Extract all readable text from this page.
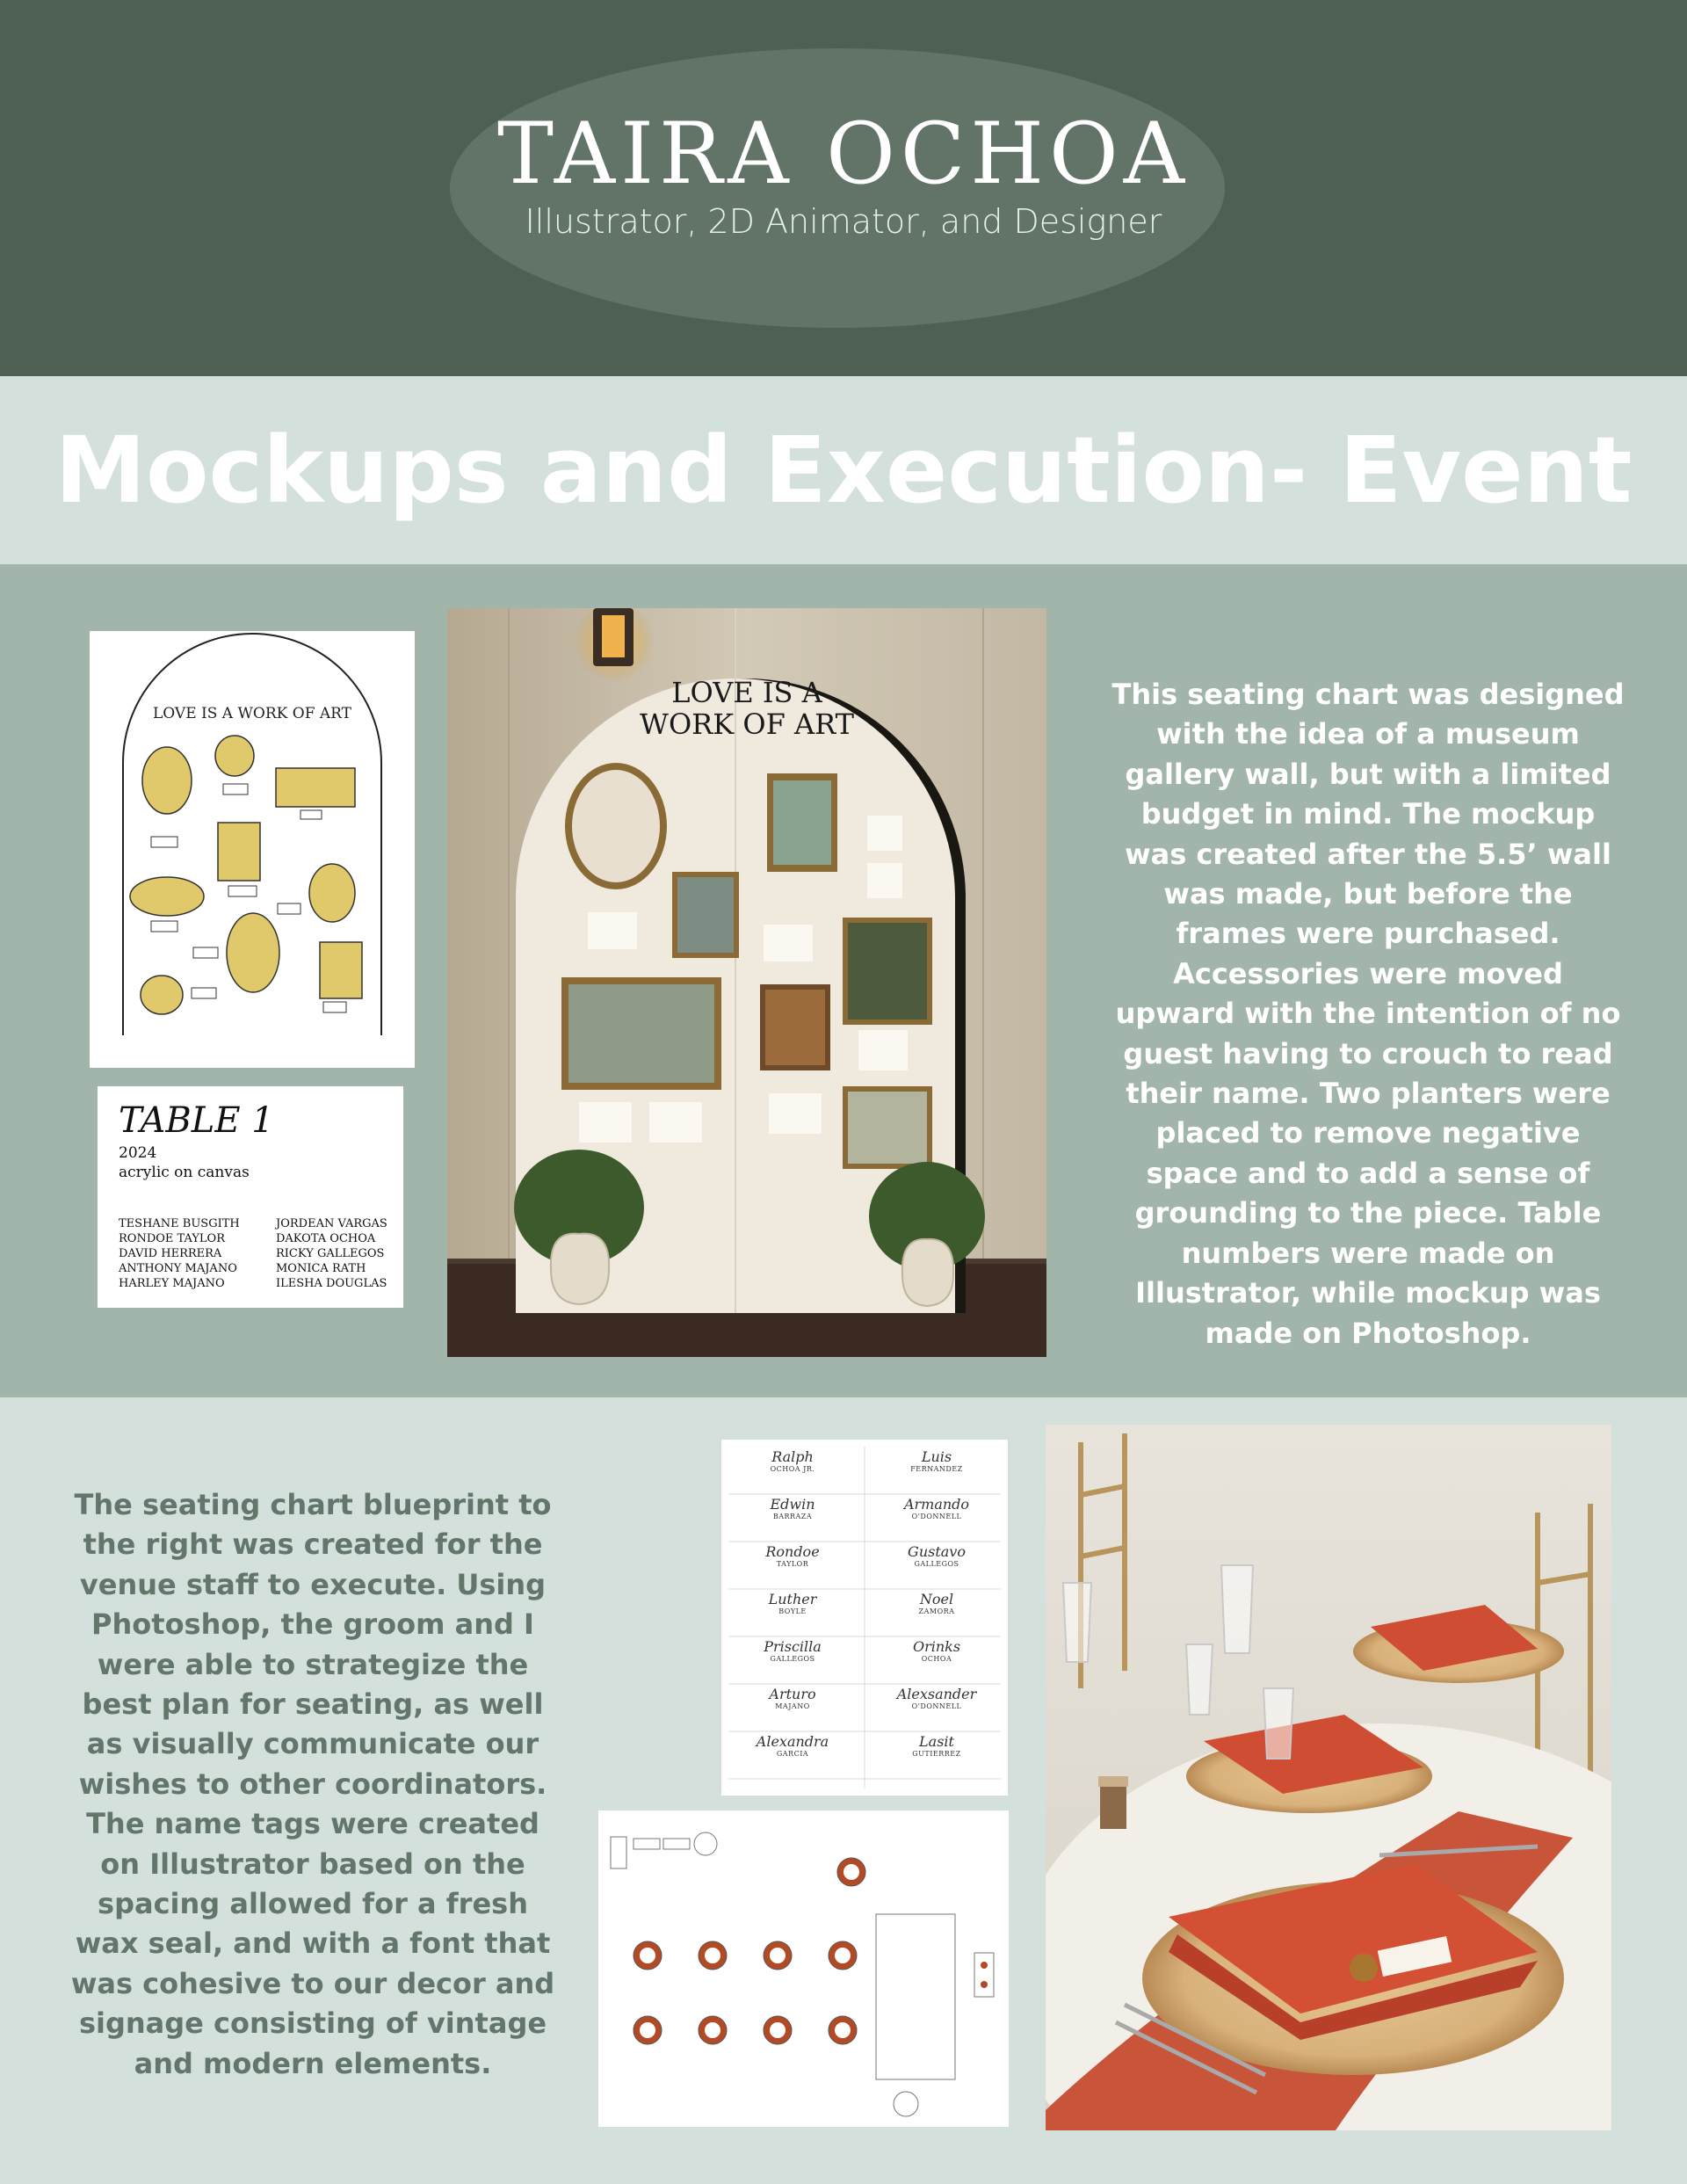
TAIRA OCHOA
Illustrator, 2D Animator, and Designer
Mockups and Execution- Event
LOVE IS A WORK OF ART
TABLE 1
2024
acrylic on canvas
TESHANE BUSGITH
RONDOE TAYLOR
DAVID HERRERA
ANTHONY MAJANO
HARLEY MAJANO
JORDEAN VARGAS
DAKOTA OCHOA
RICKY GALLEGOS
MONICA RATH
ILESHA DOUGLAS
LOVE IS A
WORK OF ART
This seating chart was designed with the idea of a museum gallery wall, but with a limited budget in mind. The mockup was created after the 5.5’ wall was made, but before the frames were purchased. Accessories were moved upward with the intention of no guest having to crouch to read their name. Two planters were placed to remove negative space and to add a sense of grounding to the piece. Table numbers were made on Illustrator, while mockup was made on Photoshop.
The seating chart blueprint to the right was created for the venue staff to execute. Using Photoshop, the groom and I were able to strategize the best plan for seating, as well as visually communicate our wishes to other coordinators. The name tags were created on Illustrator based on the spacing allowed for a fresh wax seal, and with a font that was cohesive to our decor and signage consisting of vintage and modern elements.
Ralph
OCHOA JR.
Luis
FERNANDEZ
Edwin
BARRAZA
Armando
O'DONNELL
Rondoe
TAYLOR
Gustavo
GALLEGOS
Luther
BOYLE
Noel
ZAMORA
Priscilla
GALLEGOS
Orinks
OCHOA
Arturo
MAJANO
Alexsander
O'DONNELL
Alexandra
GARCIA
Lasit
GUTIERREZ
